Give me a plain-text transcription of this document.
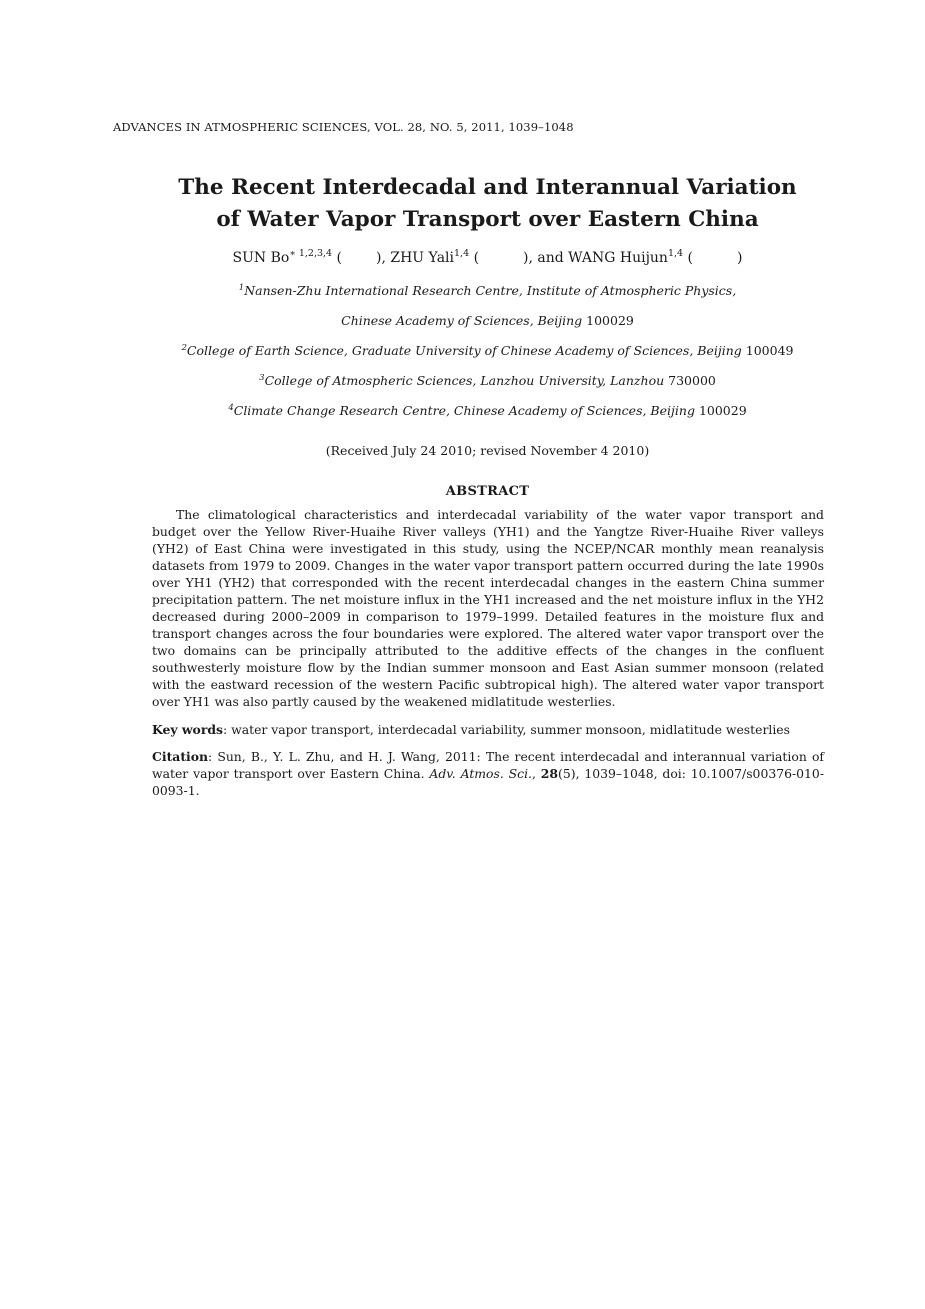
ADVANCES IN ATMOSPHERIC SCIENCES, VOL. 28, NO. 5, 2011, 1039–1048
The Recent Interdecadal and Interannual Variation
of Water Vapor Transport over Eastern China
SUN $Bo^{∗ 1,2,3,4}$ ( ), ZHU Yali$^{1,4}$ (	), and WANG Huijun$^{1,4}$ (	)
$^1$Nansen-Zhu International Research Centre, Institute of Atmospheric Physics,
Chinese Academy of Sciences, Beijing 100029
$^2$College of Earth Science, Graduate University of Chinese Academy of Sciences, Beijing 100049
$^3$College of Atmospheric Sciences, Lanzhou University, Lanzhou 730000
$^4$Climate Change Research Centre, Chinese Academy of Sciences, Beijing 100029
(Received July 24 2010; revised November 4 2010)
ABSTRACT
The climatological characteristics and interdecadal variability of the water vapor transport and budget over the Yellow River-Huaihe River valleys (YH1) and the Yangtze River-Huaihe River valleys (YH2) of East China were investigated in this study, using the NCEP/NCAR monthly mean reanalysis datasets from 1979 to 2009. Changes in the water vapor transport pattern occurred during the late 1990s over YH1 (YH2) that corresponded with the recent interdecadal changes in the eastern China summer precipitation pattern. The net moisture influx in the YH1 increased and the net moisture influx in the YH2 decreased during 2000–2009 in comparison to 1979–1999. Detailed features in the moisture flux and transport changes across the four boundaries were explored. The altered water vapor transport over the two domains can be principally attributed to the additive effects of the changes in the confluent southwesterly moisture flow by the Indian summer monsoon and East Asian summer monsoon (related with the eastward recession of the western Pacific subtropical high). The altered water vapor transport over YH1 was also partly caused by the weakened midlatitude westerlies.
Key words: water vapor transport, interdecadal variability, summer monsoon, midlatitude westerlies
Citation: Sun, B., Y. L. Zhu, and H. J. Wang, 2011: The recent interdecadal and interannual variation of water vapor transport over Eastern China. Adv. Atmos. Sci., 28(5), 1039–1048, doi: 10.1007/s00376-010-0093-1.
